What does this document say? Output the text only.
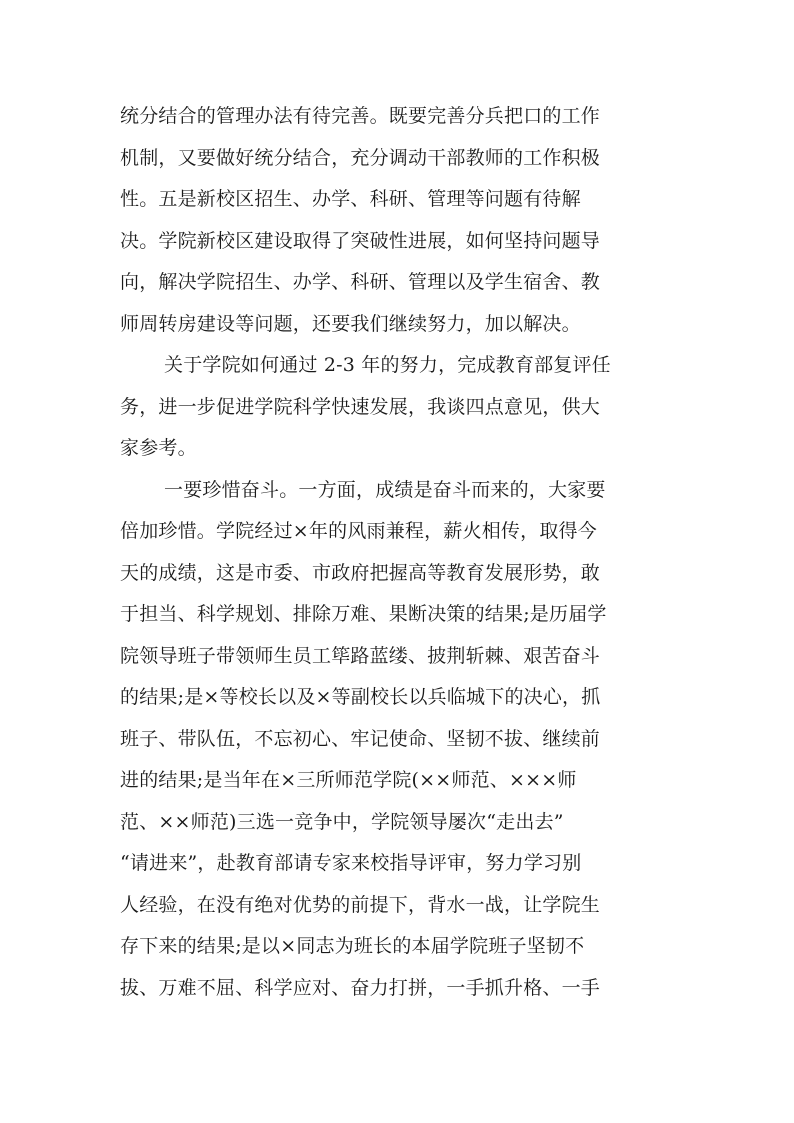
统分结合的管理办法有待完善。既要完善分兵把口的工作
机制，又要做好统分结合，充分调动干部教师的工作积极
性。五是新校区招生、办学、科研、管理等问题有待解
决。学院新校区建设取得了突破性进展，如何坚持问题导
向，解决学院招生、办学、科研、管理以及学生宿舍、教
师周转房建设等问题，还要我们继续努力，加以解决。
关于学院如何通过 2-3 年的努力，完成教育部复评任
务，进一步促进学院科学快速发展，我谈四点意见，供大
家参考。
一要珍惜奋斗。一方面，成绩是奋斗而来的，大家要
倍加珍惜。学院经过×年的风雨兼程，薪火相传，取得今
天的成绩，这是市委、市政府把握高等教育发展形势，敢
于担当、科学规划、排除万难、果断决策的结果;是历届学
院领导班子带领师生员工筚路蓝缕、披荆斩棘、艰苦奋斗
的结果;是×等校长以及×等副校长以兵临城下的决心，抓
班子、带队伍，不忘初心、牢记使命、坚韧不拔、继续前
进的结果;是当年在×三所师范学院(××师范、×××师
范、××师范)三选一竞争中，学院领导屡次“走出去”
“请进来”，赴教育部请专家来校指导评审，努力学习别
人经验，在没有绝对优势的前提下，背水一战，让学院生
存下来的结果;是以×同志为班长的本届学院班子坚韧不
拔、万难不屈、科学应对、奋力打拼，一手抓升格、一手
